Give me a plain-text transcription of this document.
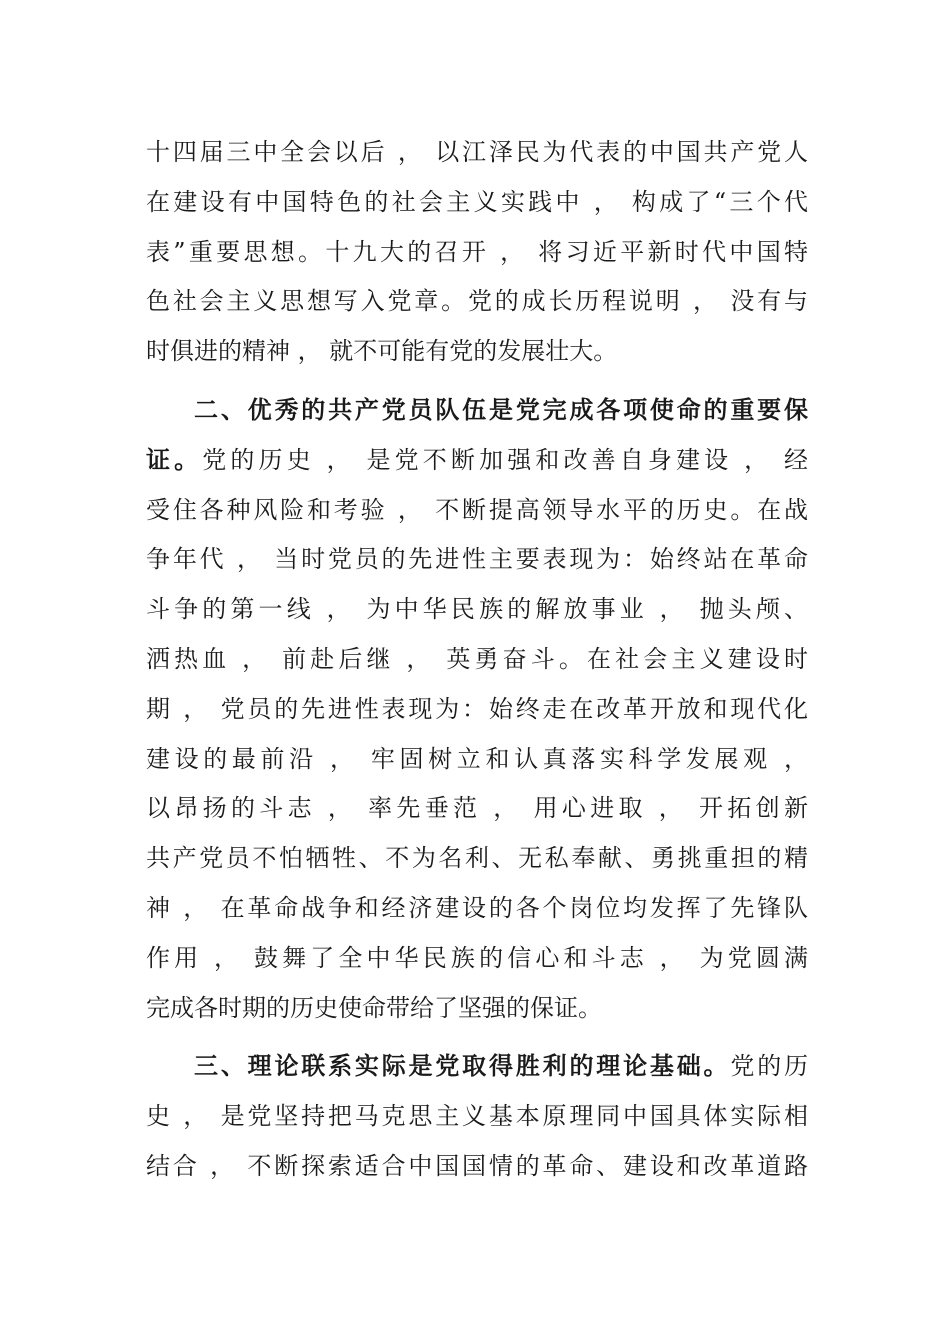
十四届三中全会以后 ， 以江泽民为代表的中国共产党人
在建设有中国特色的社会主义实践中 ， 构成了“三个代
表”重要思想。十九大的召开 ， 将习近平新时代中国特
色社会主义思想写入党章。党的成长历程说明 ， 没有与
时俱进的精神 ， 就不可能有党的发展壮大。
二、优秀的共产党员队伍是党完成各项使命的重要保
证。党的历史 ， 是党不断加强和改善自身建设 ， 经
受住各种风险和考验 ， 不断提高领导水平的历史。在战
争年代 ， 当时党员的先进性主要表现为：始终站在革命
斗争的第一线 ， 为中华民族的解放事业 ， 抛头颅、
洒热血 ， 前赴后继 ， 英勇奋斗。在社会主义建设时
期 ， 党员的先进性表现为：始终走在改革开放和现代化
建设的最前沿 ， 牢固树立和认真落实科学发展观 ，
以昂扬的斗志 ， 率先垂范 ， 用心进取 ， 开拓创新
共产党员不怕牺牲、不为名利、无私奉献、勇挑重担的精
神 ， 在革命战争和经济建设的各个岗位均发挥了先锋队
作用 ， 鼓舞了全中华民族的信心和斗志 ， 为党圆满
完成各时期的历史使命带给了坚强的保证。
三、理论联系实际是党取得胜利的理论基础。党的历
史 ， 是党坚持把马克思主义基本原理同中国具体实际相
结合 ， 不断探索适合中国国情的革命、建设和改革道路
